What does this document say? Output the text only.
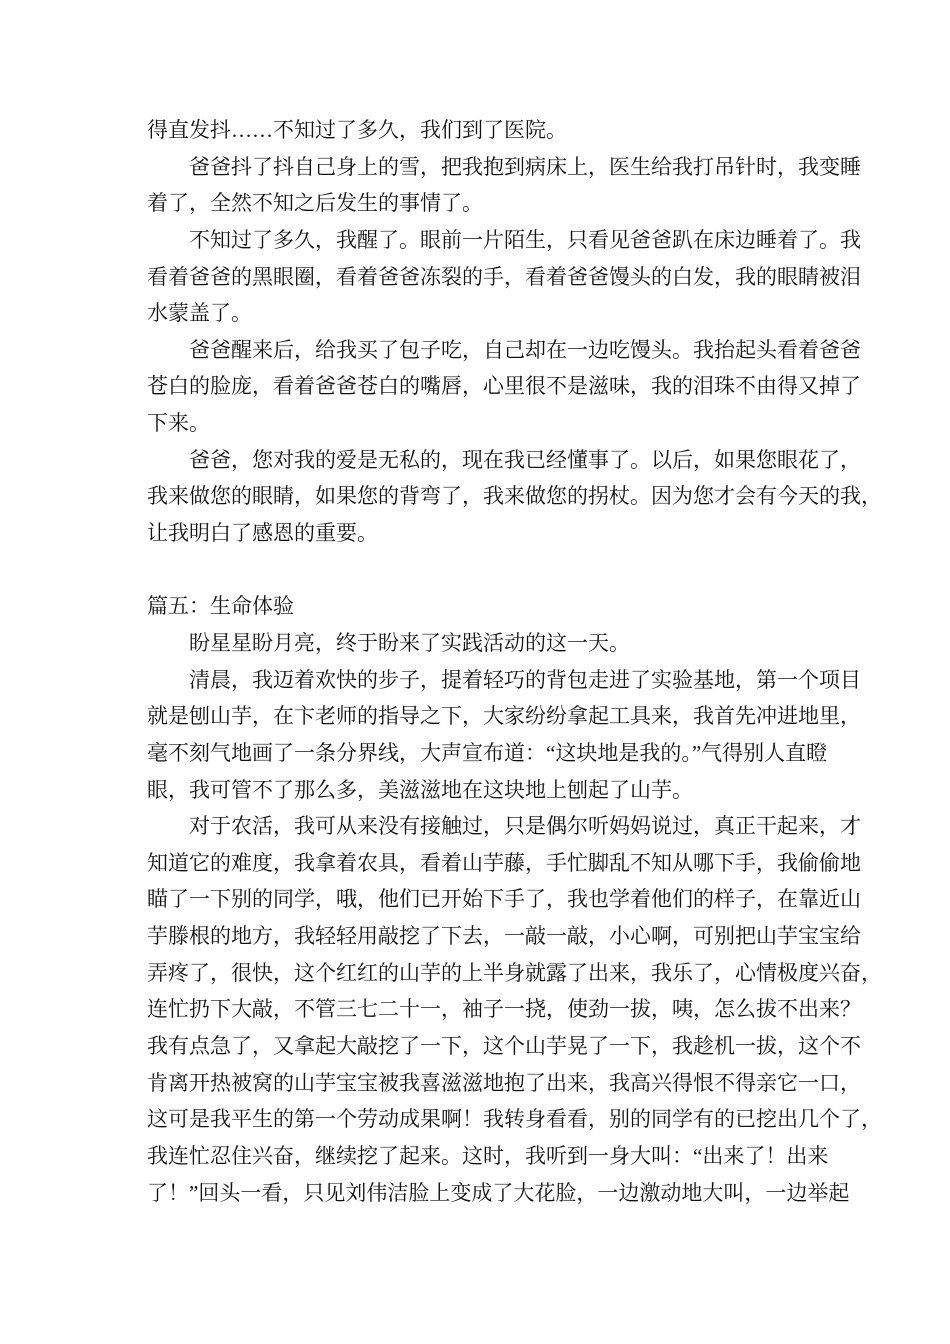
得直发抖……不知过了多久，我们到了医院。
爸爸抖了抖自己身上的雪，把我抱到病床上，医生给我打吊针时，我变睡
着了，全然不知之后发生的事情了。
不知过了多久，我醒了。眼前一片陌生，只看见爸爸趴在床边睡着了。我
看着爸爸的黑眼圈，看着爸爸冻裂的手，看着爸爸馒头的白发，我的眼睛被泪
水蒙盖了。
爸爸醒来后，给我买了包子吃，自己却在一边吃馒头。我抬起头看着爸爸
苍白的脸庞，看着爸爸苍白的嘴唇，心里很不是滋味，我的泪珠不由得又掉了
下来。
爸爸，您对我的爱是无私的，现在我已经懂事了。以后，如果您眼花了，
我来做您的眼睛，如果您的背弯了，我来做您的拐杖。因为您才会有今天的我，
让我明白了感恩的重要。
篇五：生命体验
盼星星盼月亮，终于盼来了实践活动的这一天。
清晨，我迈着欢快的步子，提着轻巧的背包走进了实验基地，第一个项目
就是刨山芋，在卞老师的指导之下，大家纷纷拿起工具来，我首先冲进地里，
毫不刻气地画了一条分界线，大声宣布道：“这块地是我的。”气得别人直瞪
眼，我可管不了那么多，美滋滋地在这块地上刨起了山芋。
对于农活，我可从来没有接触过，只是偶尔听妈妈说过，真正干起来，才
知道它的难度，我拿着农具，看着山芋藤，手忙脚乱不知从哪下手，我偷偷地
瞄了一下别的同学，哦，他们已开始下手了，我也学着他们的样子，在靠近山
芋滕根的地方，我轻轻用敲挖了下去，一敲一敲，小心啊，可别把山芋宝宝给
弄疼了，很快，这个红红的山芋的上半身就露了出来，我乐了，心情极度兴奋，
连忙扔下大敲，不管三七二十一，袖子一挠，使劲一拔，咦，怎么拔不出来？
我有点急了，又拿起大敲挖了一下，这个山芋晃了一下，我趁机一拔，这个不
肯离开热被窝的山芋宝宝被我喜滋滋地抱了出来，我高兴得恨不得亲它一口，
这可是我平生的第一个劳动成果啊！我转身看看，别的同学有的已挖出几个了，
我连忙忍住兴奋，继续挖了起来。这时，我听到一身大叫：“出来了！出来
了！”回头一看，只见刘伟洁脸上变成了大花脸，一边激动地大叫，一边举起
